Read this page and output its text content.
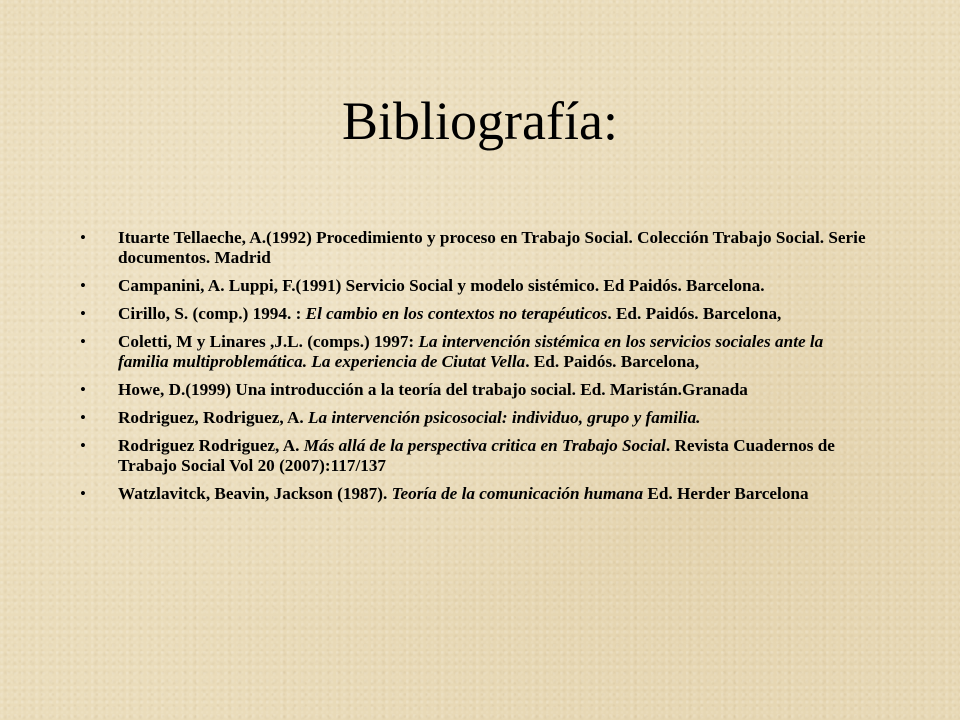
Bibliografía:
• Ituarte Tellaeche, A.(1992) Procedimiento y proceso en Trabajo Social. Colección Trabajo Social. Serie documentos. Madrid
• Campanini, A. Luppi, F.(1991) Servicio Social y modelo sistémico. Ed Paidós. Barcelona.
• Cirillo, S. (comp.) 1994. : El cambio en los contextos no terapéuticos. Ed. Paidós. Barcelona,
• Coletti, M y Linares ,J.L. (comps.) 1997: La intervención sistémica en los servicios sociales ante la familia multiproblemática. La experiencia de Ciutat Vella. Ed. Paidós. Barcelona,
• Howe, D.(1999) Una introducción a la teoría del trabajo social. Ed. Maristán.Granada
• Rodriguez, Rodriguez, A. La intervención psicosocial: individuo, grupo y familia.
• Rodriguez Rodriguez, A. Más allá de la perspectiva critica en Trabajo Social. Revista Cuadernos de Trabajo Social Vol 20 (2007):117/137
• Watzlavitck, Beavin, Jackson (1987). Teoría de la comunicación humana Ed. Herder Barcelona
